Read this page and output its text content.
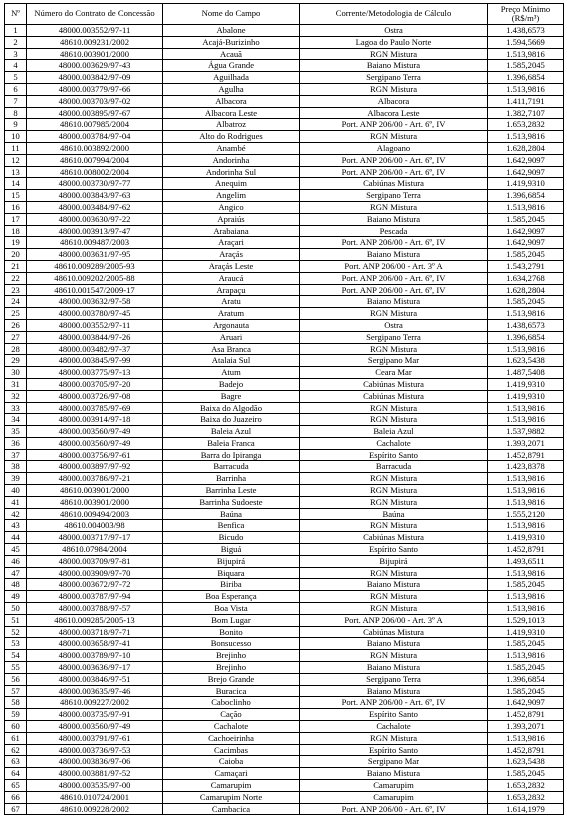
Nº	Número do Contrato de Concessão	Nome do Campo	Corrente/Metodologia de Cálculo	Preço Mínimo (R$/m³)
1	48000.003552/97-11	Abalone	Ostra	1.438,6573
2	48610.009231/2002	Acajá-Burizinho	Lagoa do Paulo Norte	1.594,5669
3	48610.003901/2000	Acauã	RGN Mistura	1.513,9816
4	48000.003629/97-43	Água Grande	Baiano Mistura	1.585,2045
5	48000.003842/97-09	Aguilhada	Sergipano Terra	1.396,6854
6	48000.003779/97-66	Agulha	RGN Mistura	1.513,9816
7	48000.003703/97-02	Albacora	Albacora	1.411,7191
8	48000.003895/97-67	Albacora Leste	Albacora Leste	1.382,7107
9	48610.007985/2004	Albatroz	Port. ANP 206/00 - Art. 6º, IV	1.653,2832
10	48000.003784/97-04	Alto do Rodrigues	RGN Mistura	1.513,9816
11	48610.003892/2000	Anambé	Alagoano	1.628,2804
12	48610.007994/2004	Andorinha	Port. ANP 206/00 - Art. 6º, IV	1.642,9097
13	48610.008002/2004	Andorinha Sul	Port. ANP 206/00 - Art. 6º, IV	1.642,9097
14	48000.003730/97-77	Anequim	Cabiúnas Mistura	1.419,9310
15	48000.003843/97-63	Angelim	Sergipano Terra	1.396,6854
16	48000.003484/97-62	Angico	RGN Mistura	1.513,9816
17	48000.003630/97-22	Apraiús	Baiano Mistura	1.585,2045
18	48000.003913/97-47	Arabaiana	Pescada	1.642,9097
19	48610.009487/2003	Araçari	Port. ANP 206/00 - Art. 6º, IV	1.642,9097
20	48000.003631/97-95	Araçás	Baiano Mistura	1.585,2045
21	48610.009289/2005-93	Araçás Leste	Port. ANP 206/00 - Art. 3º A	1.543,2791
22	48610.009202/2005-88	Araucá	Port. ANP 206/00 - Art. 6º, IV	1.634,2768
23	48610.001547/2009-17	Arapaçu	Port. ANP 206/00 - Art. 6º, IV	1.628,2804
24	48000.003632/97-58	Aratu	Baiano Mistura	1.585,2045
25	48000.003780/97-45	Aratum	RGN Mistura	1.513,9816
26	48000.003552/97-11	Argonauta	Ostra	1.438,6573
27	48000.003844/97-26	Aruari	Sergipano Terra	1.396,6854
28	48000.003482/97-37	Asa Branca	RGN Mistura	1.513,9816
29	48000.003845/97-99	Atalaia Sul	Sergipano Mar	1.623,5438
30	48000.003775/97-13	Atum	Ceara Mar	1.487,5408
31	48000.003705/97-20	Badejo	Cabiúnas Mistura	1.419,9310
32	48000.003726/97-08	Bagre	Cabiúnas Mistura	1.419,9310
33	48000.003785/97-69	Baixa do Algodão	RGN Mistura	1.513,9816
34	48000.003914/97-18	Baixa do Juazeiro	RGN Mistura	1.513,9816
35	48000.003560/97-49	Baleia Azul	Baleia Azul	1.537,9882
36	48000.003560/97-49	Baleia Franca	Cachalote	1.393,2071
37	48000.003756/97-61	Barra do Ipiranga	Espírito Santo	1.452,8791
38	48000.003897/97-92	Barracuda	Barracuda	1.423,8378
39	48000.003786/97-21	Barrinha	RGN Mistura	1.513,9816
40	48610.003901/2000	Barrinha Leste	RGN Mistura	1.513,9816
41	48610.003901/2000	Barrinha Sudoeste	RGN Mistura	1.513,9816
42	48610.009494/2003	Baúna	Baúna	1.555,2120
43	48610.004003/98	Benfica	RGN Mistura	1.513,9816
44	48000.003717/97-17	Bicudo	Cabiúnas Mistura	1.419,9310
45	48610.07984/2004	Biguá	Espírito Santo	1.452,8791
46	48000.003709/97-81	Bijupirá	Bijupirá	1.493,6511
47	48000.003909/97-70	Biquara	RGN Mistura	1.513,9816
48	48000.003672/97-72	Biriba	Baiano Mistura	1.585,2045
49	48000.003787/97-94	Boa Esperança	RGN Mistura	1.513,9816
50	48000.003788/97-57	Boa Vista	RGN Mistura	1.513,9816
51	48610.009285/2005-13	Bom Lugar	Port. ANP 206/00 - Art. 3º A	1.529,1013
52	48000.003718/97-71	Bonito	Cabiúnas Mistura	1.419,9310
53	48000.003658/97-41	Bonsucesso	Baiano Mistura	1.585,2045
54	48000.003789/97-10	Brejinho	RGN Mistura	1.513,9816
55	48000.003636/97-17	Brejinho	Baiano Mistura	1.585,2045
56	48000.003846/97-51	Brejo Grande	Sergipano Terra	1.396,6854
57	48000.003635/97-46	Buracica	Baiano Mistura	1.585,2045
58	48610.009227/2002	Caboclinho	Port. ANP 206/00 - Art. 6º, IV	1.642,9097
59	48000.003735/97-91	Cação	Espírito Santo	1.452,8791
60	48000.003560/97-49	Cachalote	Cachalote	1.393,2071
61	48000.003791/97-61	Cachoeirinha	RGN Mistura	1.513,9816
62	48000.003736/97-53	Cacimbas	Espírito Santo	1.452,8791
63	48000.003836/97-06	Caioba	Sergipano Mar	1.623,5438
64	48000.003881/97-52	Camaçari	Baiano Mistura	1.585,2045
65	48000.003535/97-00	Camarupim	Camarupim	1.653,2832
66	48610.010724/2001	Camarupim Norte	Camarupim	1.653,2832
67	48610.009228/2002	Cambacica	Port. ANP 206/00 - Art. 6º, IV	1.614,1979
